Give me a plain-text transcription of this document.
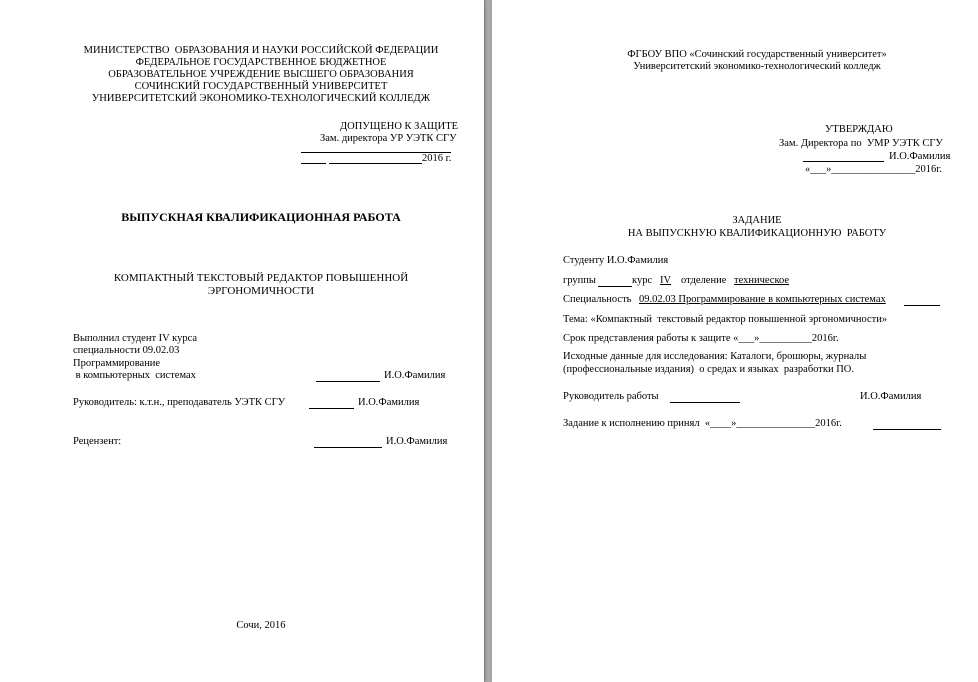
МИНИСТЕРСТВО  ОБРАЗОВАНИЯ И НАУКИ РОССИЙСКОЙ ФЕДЕРАЦИИ
ФЕДЕРАЛЬНОЕ ГОСУДАРСТВЕННОЕ БЮДЖЕТНОЕ
ОБРАЗОВАТЕЛЬНОЕ УЧРЕЖДЕНИЕ ВЫСШЕГО ОБРАЗОВАНИЯ
СОЧИНСКИЙ ГОСУДАРСТВЕННЫЙ УНИВЕРСИТЕТ
УНИВЕРСИТЕТСКИЙ ЭКОНОМИКО-ТЕХНОЛОГИЧЕСКИЙ КОЛЛЕДЖ
ДОПУЩЕНО К ЗАЩИТЕ
Зам. директора УР УЭТК СГУ
2016 г.
ВЫПУСКНАЯ КВАЛИФИКАЦИОННАЯ РАБОТА
КОМПАКТНЫЙ ТЕКСТОВЫЙ РЕДАКТОР ПОВЫШЕННОЙ
ЭРГОНОМИЧНОСТИ
Выполнил студент IV курса
специальности 09.02.03
Программирование
в компьютерных  системах	И.О.Фамилия
Руководитель: к.т.н., преподаватель УЭТК СГУ	И.О.Фамилия
Рецензент:	И.О.Фамилия
Сочи, 2016
ФГБОУ ВПО «Сочинский государственный университет»
Университетский экономико-технологический колледж
УТВЕРЖДАЮ
Зам. Директора по  УМР УЭТК СГУ
И.О.Фамилия
«___»________________2016г.
ЗАДАНИЕ
НА ВЫПУСКНУЮ КВАЛИФИКАЦИОННУЮ  РАБОТУ
Студенту И.О.Фамилия
группы	курс IV отделение техническое
Специальность 09.02.03 Программирование в компьютерных системах
Тема: «Компактный  текстовый редактор повышенной эргономичности»
Срок представления работы к защите «___»__________2016г.
Исходные данные для исследования: Каталоги, брошюры, журналы
(профессиональные издания)  о средах и языках  разработки ПО.
Руководитель работы	И.О.Фамилия
Задание к исполнению принял  «____»_______________2016г.
